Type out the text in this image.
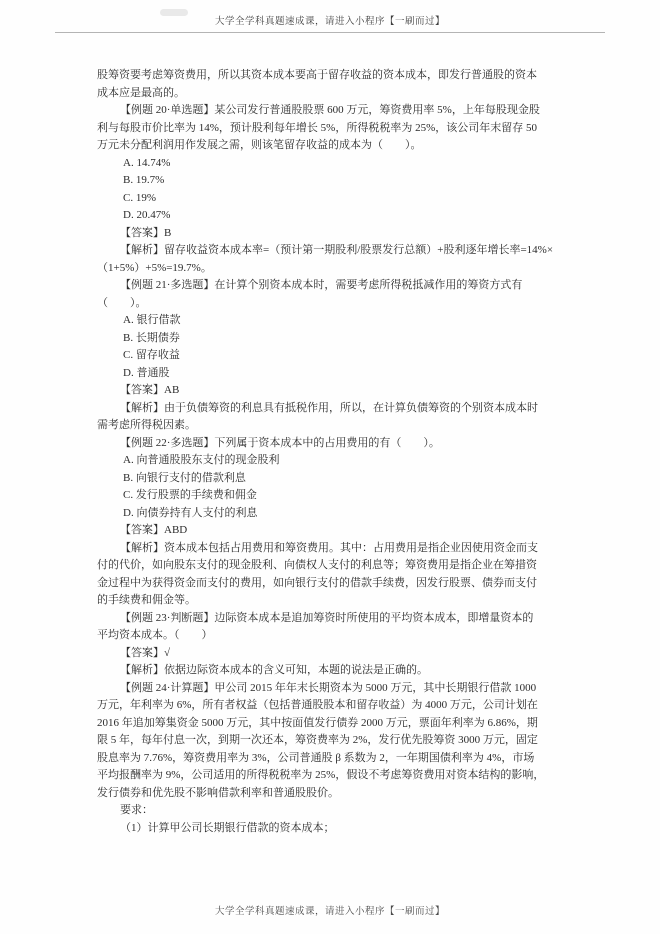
大学全学科真题速成课，请进入小程序【一刷而过】
股筹资要考虑筹资费用，所以其资本成本要高于留存收益的资本成本，即发行普通股的资本
成本应是最高的。
【例题 20·单选题】某公司发行普通股股票 600 万元，筹资费用率 5%，上年每股现金股
利与每股市价比率为 14%，预计股利每年增长 5%，所得税税率为 25%，该公司年末留存 50
万元未分配利润用作发展之需，则该笔留存收益的成本为（　　）。
A. 14.74%
B. 19.7%
C. 19%
D. 20.47%
【答案】B
【解析】留存收益资本成本率=（预计第一期股利/股票发行总额）+股利逐年增长率=14%×
（1+5%）+5%=19.7%。
【例题 21·多选题】在计算个别资本成本时，需要考虑所得税抵减作用的筹资方式有
（　　）。
A. 银行借款
B. 长期债券
C. 留存收益
D. 普通股
【答案】AB
【解析】由于负债筹资的利息具有抵税作用，所以，在计算负债筹资的个别资本成本时
需考虑所得税因素。
【例题 22·多选题】下列属于资本成本中的占用费用的有（　　）。
A. 向普通股股东支付的现金股利
B. 向银行支付的借款利息
C. 发行股票的手续费和佣金
D. 向债券持有人支付的利息
【答案】ABD
【解析】资本成本包括占用费用和筹资费用。其中：占用费用是指企业因使用资金而支
付的代价，如向股东支付的现金股利、向债权人支付的利息等；筹资费用是指企业在筹措资
金过程中为获得资金而支付的费用，如向银行支付的借款手续费，因发行股票、债券而支付
的手续费和佣金等。
【例题 23·判断题】边际资本成本是追加筹资时所使用的平均资本成本，即增量资本的
平均资本成本。（　　）
【答案】√
【解析】依据边际资本成本的含义可知，本题的说法是正确的。
【例题 24·计算题】甲公司 2015 年年末长期资本为 5000 万元，其中长期银行借款 1000
万元，年利率为 6%，所有者权益（包括普通股股本和留存收益）为 4000 万元，公司计划在
2016 年追加筹集资金 5000 万元，其中按面值发行债券 2000 万元，票面年利率为 6.86%，期
限 5 年，每年付息一次，到期一次还本，筹资费率为 2%，发行优先股筹资 3000 万元，固定
股息率为 7.76%，筹资费用率为 3%，公司普通股 β 系数为 2，一年期国债利率为 4%，市场
平均报酬率为 9%，公司适用的所得税税率为 25%，假设不考虑筹资费用对资本结构的影响，
发行债券和优先股不影响借款利率和普通股股价。
要求：
（1）计算甲公司长期银行借款的资本成本；
大学全学科真题速成课，请进入小程序【一刷而过】
